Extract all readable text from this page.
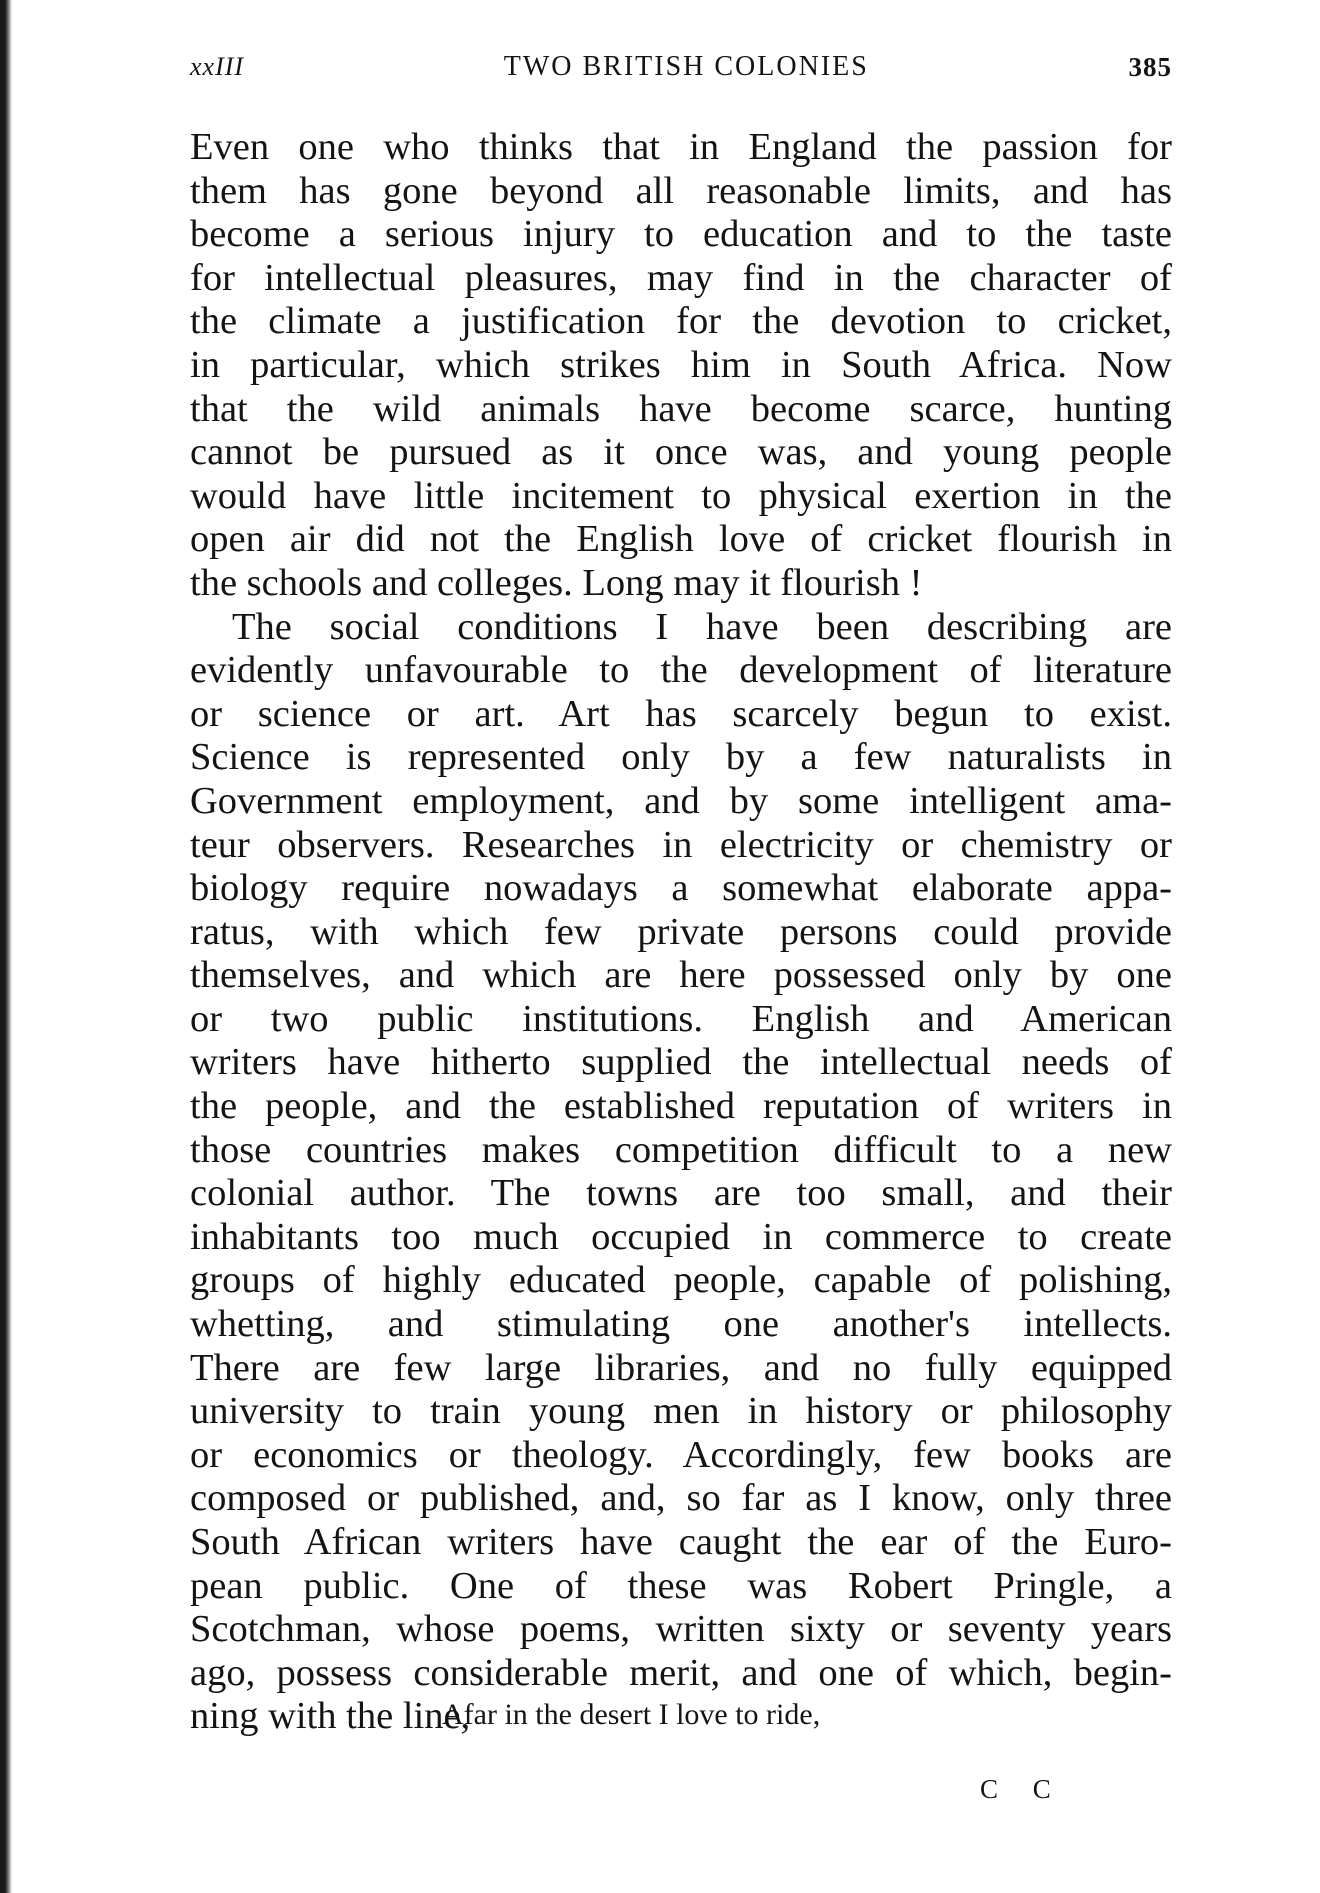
xxIII	TWO BRITISH COLONIES	385
Even one who thinks that in England the passion for
them has gone beyond all reasonable limits, and has
become a serious injury to education and to the taste
for intellectual pleasures, may find in the character of
the climate a justification for the devotion to cricket,
in particular, which strikes him in South Africa. Now
that the wild animals have become scarce, hunting
cannot be pursued as it once was, and young people
would have little incitement to physical exertion in the
open air did not the English love of cricket flourish in
the schools and colleges. Long may it flourish !
The social conditions I have been describing are
evidently unfavourable to the development of literature
or science or art. Art has scarcely begun to exist.
Science is represented only by a few naturalists in
Government employment, and by some intelligent ama-
teur observers. Researches in electricity or chemistry or
biology require nowadays a somewhat elaborate appa-
ratus, with which few private persons could provide
themselves, and which are here possessed only by one
or two public institutions. English and American
writers have hitherto supplied the intellectual needs of
the people, and the established reputation of writers in
those countries makes competition difficult to a new
colonial author. The towns are too small, and their
inhabitants too much occupied in commerce to create
groups of highly educated people, capable of polishing,
whetting, and stimulating one another's intellects.
There are few large libraries, and no fully equipped
university to train young men in history or philosophy
or economics or theology. Accordingly, few books are
composed or published, and, so far as I know, only three
South African writers have caught the ear of the Euro-
pean public. One of these was Robert Pringle, a
Scotchman, whose poems, written sixty or seventy years
ago, possess considerable merit, and one of which, begin-
ning with the line,
Afar in the desert I love to ride,
C C
